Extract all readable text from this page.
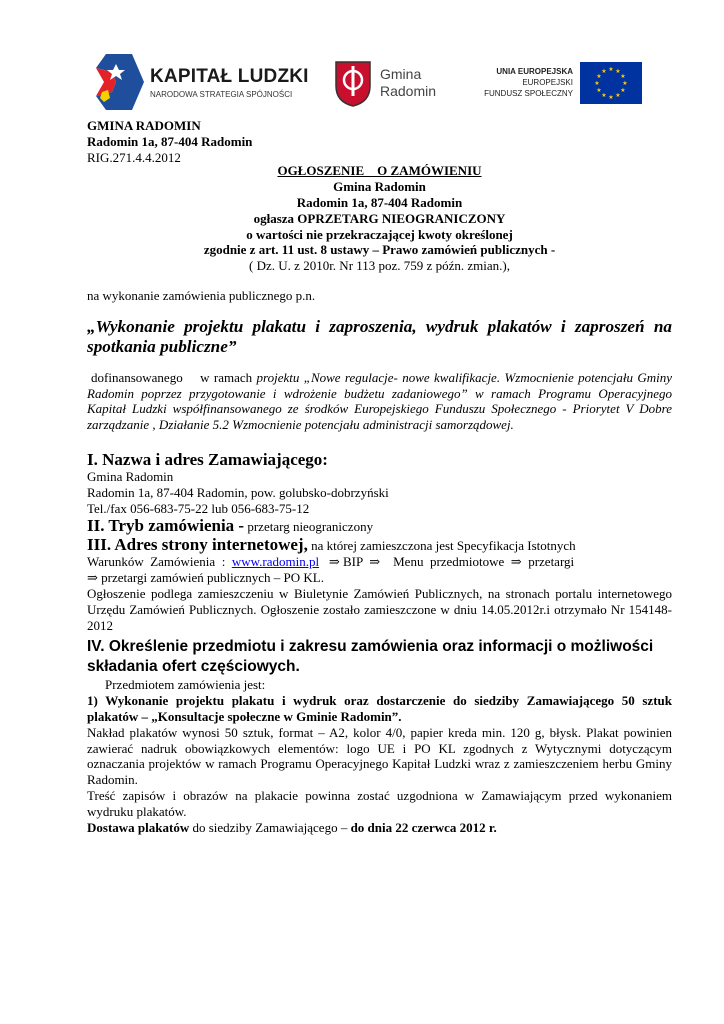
KAPITAŁ LUDZKI
NARODOWA STRATEGIA SPÓJNOŚCI
Gmina
Radomin
UNIA EUROPEJSKA
EUROPEJSKI
FUNDUSZ SPOŁECZNY
★ ★
★
★
★
★
★
★
★
★
★
★
GMINA RADOMIN
Radomin 1a, 87-404 Radomin
RIG.271.4.4.2012
OGŁOSZENIE    O ZAMÓWIENIU
Gmina Radomin
Radomin 1a, 87-404 Radomin
ogłasza OPRZETARG NIEOGRANICZONY
o wartości nie przekraczającej kwoty określonej
zgodnie z art. 11 ust. 8 ustawy – Prawo zamówień publicznych -
( Dz. U. z 2010r. Nr 113 poz. 759 z późn. zmian.),
na wykonanie zamówienia publicznego p.n.
„Wykonanie projektu plakatu i zaproszenia, wydruk plakatów i zaproszeń na spotkania publiczne”
dofinansowanego    w ramach projektu „Nowe regulacje- nowe kwalifikacje. Wzmocnienie potencjału Gminy Radomin poprzez przygotowanie i wdrożenie budżetu zadaniowego” w ramach Programu Operacyjnego Kapitał Ludzki współfinansowanego ze środków Europejskiego Funduszu Społecznego - Priorytet V Dobre zarządzanie , Działanie 5.2 Wzmocnienie potencjału administracji samorządowej.
I. Nazwa i adres Zamawiającego:
Gmina Radomin
Radomin 1a, 87-404 Radomin, pow. golubsko-dobrzyński
Tel./fax 056-683-75-22 lub 056-683-75-12
II. Tryb zamówienia - przetarg nieograniczony
III. Adres strony internetowej, na której zamieszczona jest Specyfikacja Istotnych
Warunków  Zamówienia  :  www.radomin.pl   ⇒ BIP  ⇒    Menu  przedmiotowe  ⇒  przetargi
⇒ przetargi zamówień publicznych – PO KL.
Ogłoszenie podlega zamieszczeniu w Biuletynie Zamówień Publicznych, na stronach portalu internetowego Urzędu Zamówień Publicznych. Ogłoszenie zostało zamieszczone w dniu 14.05.2012r.i otrzymało Nr 154148-2012
IV. Określenie przedmiotu i zakresu zamówienia oraz informacji o możliwości składania ofert częściowych.
Przedmiotem zamówienia jest:
1) Wykonanie projektu plakatu i wydruk oraz dostarczenie do siedziby Zamawiającego 50 sztuk plakatów – „Konsultacje społeczne w Gminie Radomin”.
Nakład plakatów wynosi 50 sztuk, format – A2, kolor 4/0, papier kreda min. 120 g, błysk. Plakat powinien zawierać nadruk obowiązkowych elementów: logo UE i PO KL zgodnych z Wytycznymi dotyczącym oznaczania projektów w ramach Programu Operacyjnego Kapitał Ludzki wraz z zamieszczeniem herbu Gminy Radomin.
Treść zapisów i obrazów na plakacie powinna zostać uzgodniona w Zamawiającym przed wykonaniem wydruku plakatów.
Dostawa plakatów do siedziby Zamawiającego – do dnia 22 czerwca 2012 r.
